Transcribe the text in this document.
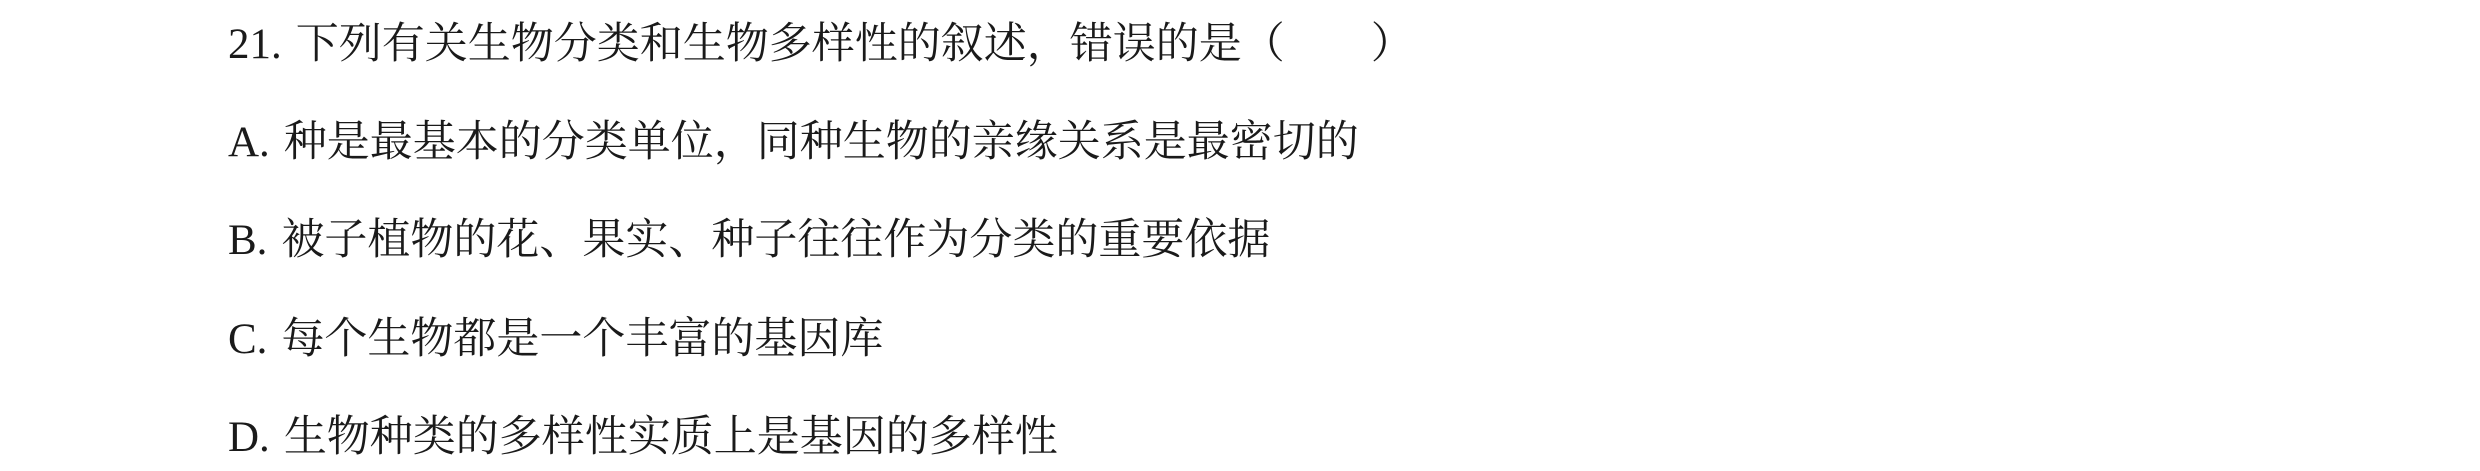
21. 下列有关生物分类和生物多样性的叙述，错误的是（ ）
A. 种是最基本的分类单位，同种生物的亲缘关系是最密切的
B. 被子植物的花、果实、种子往往作为分类的重要依据
C. 每个生物都是一个丰富的基因库
D. 生物种类的多样性实质上是基因的多样性
